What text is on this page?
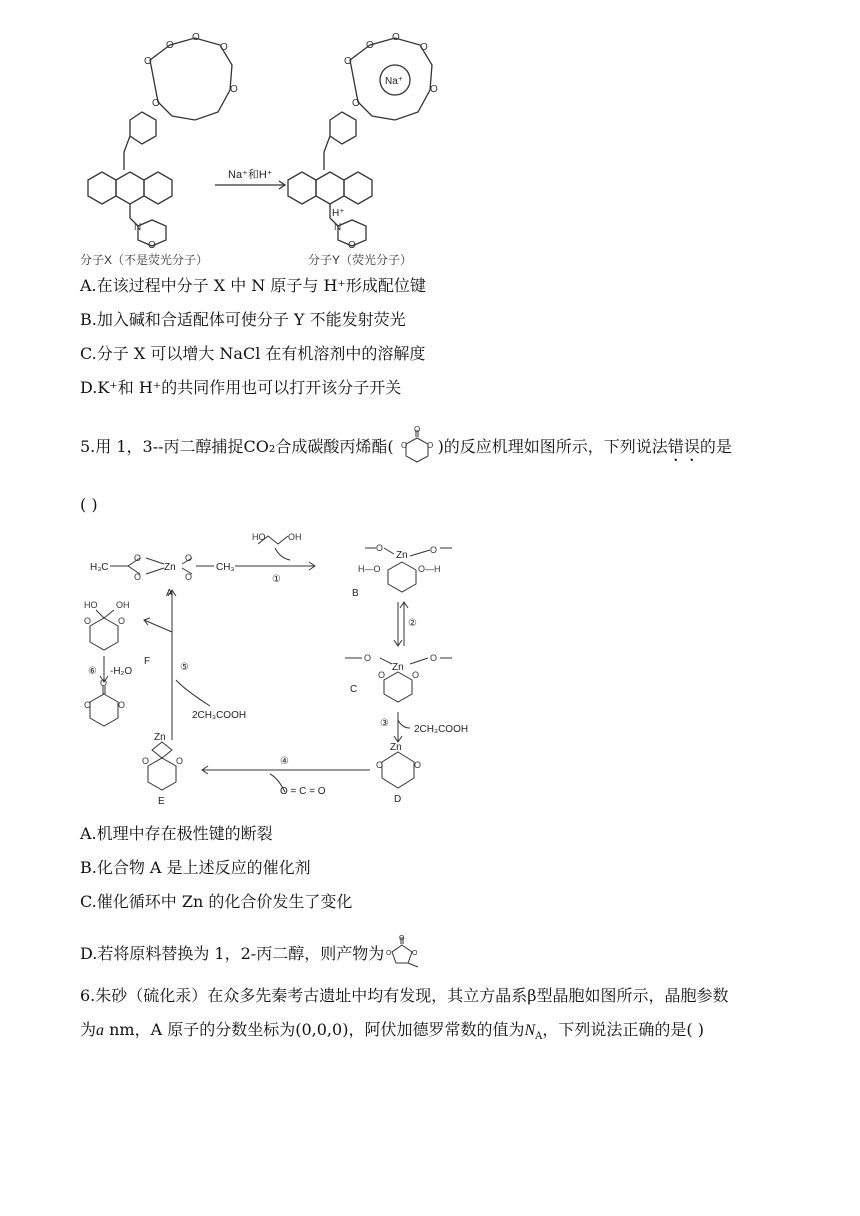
O
O
O
O
O
O
O
N
O
O
O
O
O
O
O
N
Na⁺
H⁺
Na⁺和H⁺
分子X（不是荧光分子）	分子Y（荧光分子）
A.在该过程中分子 X 中 N 原子与 H⁺形成配位键
B.加入碱和合适配体可使分子 Y 不能发射荧光
C.分子 X 可以增大 NaCl 在有机溶剂中的溶解度
D.K⁺和 H⁺的共同作用也可以打开该分子开关
5.用 1，3--丙二醇捕捉CO₂合成碳酸丙烯酯(
O
O O )的反应机理如图所示，下列说法错误的是
( )
O
O
O
O
HO	OH
O	O
H—O	O—H
O	O
O	O
O	O
O	O
O	O
O	O
HO OH
O
H₃C	Zn	CH₃
Zn
Zn
Zn
Zn
①
②
③
④
⑤
⑥ -H₂O
2CH₃COOH
2CH₃COOH
O = C = O
A	B
C
D
E
F
A.机理中存在极性键的断裂
B.化合物 A 是上述反应的催化剂
C.催化循环中 Zn 的化合价发生了变化
D.若将原料替换为 1，2-丙二醇，则产物为
O
O	O
6.朱砂（硫化汞）在众多先秦考古遗址中均有发现，其立方晶系β型晶胞如图所示，晶胞参数
为a nm，A 原子的分数坐标为(0,0,0)，阿伏加德罗常数的值为$N_A$，下列说法正确的是( )
